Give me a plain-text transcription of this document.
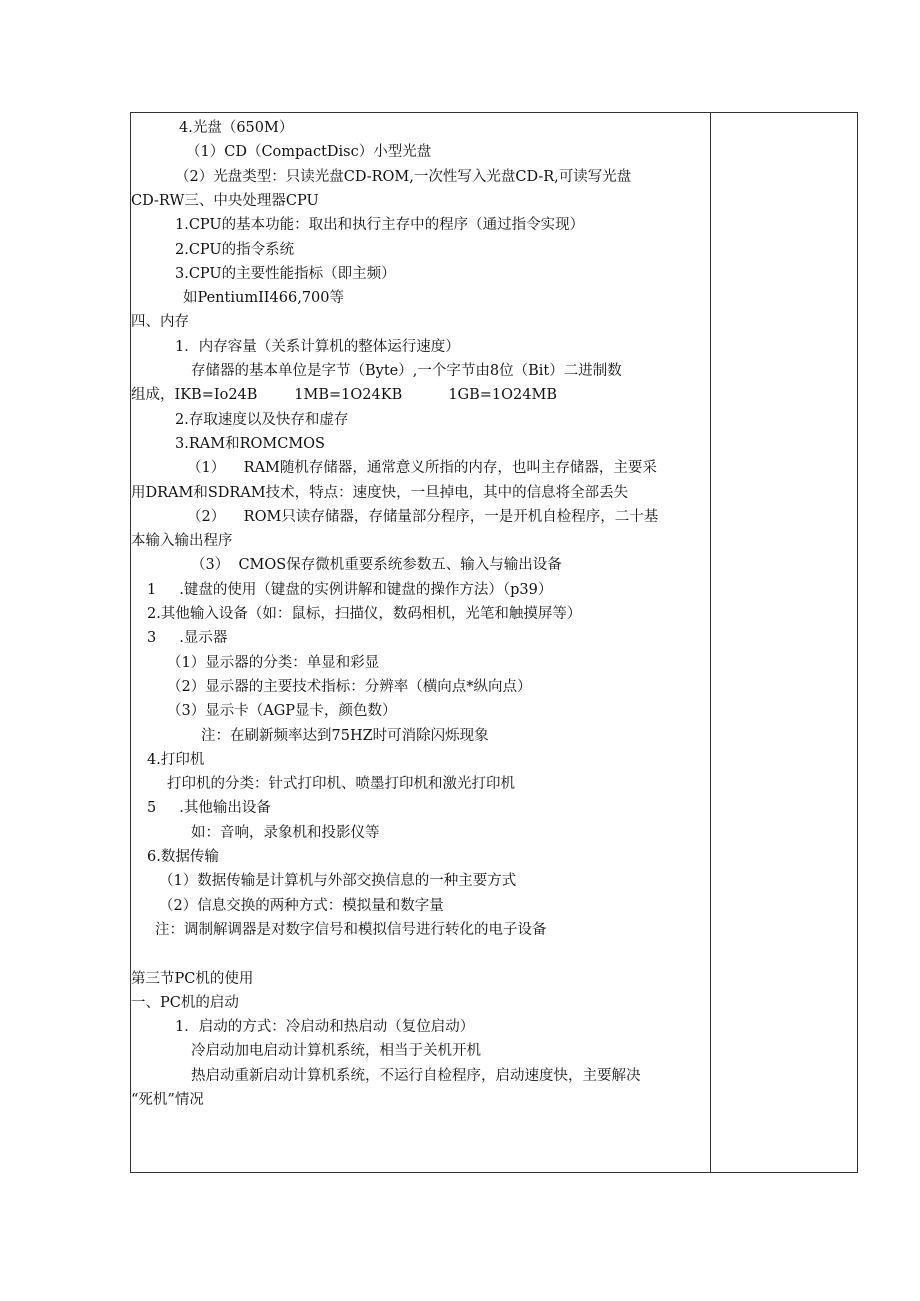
4.光盘（650M）
（1）CD（CompactDisc）小型光盘
（2）光盘类型：只读光盘CD-ROM,一次性写入光盘CD-R,可读写光盘
CD-RW三、中央处理器CPU
1.CPU的基本功能：取出和执行主存中的程序（通过指令实现）
2.CPU的指令系统
3.CPU的主要性能指标（即主频）
如PentiumII466,700等
四、内存
1．内存容量（关系计算机的整体运行速度）
存储器的基本单位是字节（Byte）,一个字节由8位（Bit）二进制数
组成，IKB=Io24B        1MB=1O24KB          1GB=1O24MB
2.存取速度以及快存和虚存
3.RAM和ROMCMOS
（1）    RAM随机存储器，通常意义所指的内存，也叫主存储器，主要采
用DRAM和SDRAM技术，特点：速度快，一旦掉电，其中的信息将全部丢失
（2）    ROM只读存储器，存储量部分程序，一是开机自检程序，二十基
本输入输出程序
（3）  CMOS保存微机重要系统参数五、输入与输出设备
1     .键盘的使用（键盘的实例讲解和键盘的操作方法）（p39）
2.其他输入设备（如：鼠标，扫描仪，数码相机，光笔和触摸屏等）
3     .显示器
（1）显示器的分类：单显和彩显
（2）显示器的主要技术指标：分辨率（横向点*纵向点）
（3）显示卡（AGP显卡，颜色数）
注：在刷新频率达到75HZ时可消除闪烁现象
4.打印机
打印机的分类：针式打印机、喷墨打印机和激光打印机
5     .其他输出设备
如：音响，录象机和投影仪等
6.数据传输
（1）数据传输是计算机与外部交换信息的一种主要方式
（2）信息交换的两种方式：模拟量和数字量
注：调制解调器是对数字信号和模拟信号进行转化的电子设备
第三节PC机的使用
一、PC机的启动
1．启动的方式：冷启动和热启动（复位启动）
冷启动加电启动计算机系统，相当于关机开机
热启动重新启动计算机系统，不运行自检程序，启动速度快，主要解决
“死机”情况
